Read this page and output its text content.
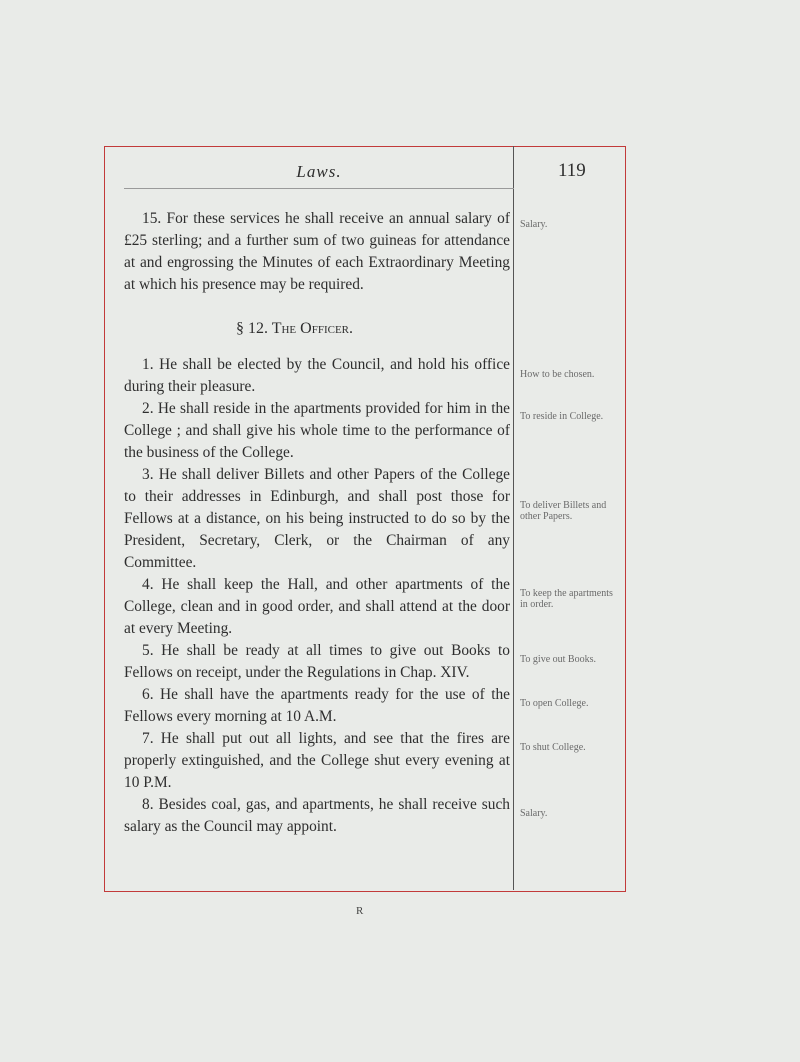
Laws.	119

15. For these services he shall receive an annual salary of £25 sterling; and a further sum of two guineas for attendance at and engrossing the Minutes of each Extraordinary Meeting at which his presence may be required.

§ 12. The Officer.

1. He shall be elected by the Council, and hold his office during their pleasure.

2. He shall reside in the apartments provided for him in the College ; and shall give his whole time to the performance of the business of the College.

3. He shall deliver Billets and other Papers of the College to their addresses in Edinburgh, and shall post those for Fellows at a distance, on his being instructed to do so by the President, Secretary, Clerk, or the Chairman of any Committee.

4. He shall keep the Hall, and other apartments of the College, clean and in good order, and shall attend at the door at every Meeting.

5. He shall be ready at all times to give out Books to Fellows on receipt, under the Regulations in Chap. XIV.

6. He shall have the apartments ready for the use of the Fellows every morning at 10 A.M.

7. He shall put out all lights, and see that the fires are properly extinguished, and the College shut every evening at 10 P.M.

8. Besides coal, gas, and apartments, he shall receive such salary as the Council may appoint.

Salary.
How to be chosen.
To reside in College.
To deliver Billets and other Papers.
To keep the apartments in order.
To give out Books.
To open College.
To shut College.
Salary.
R
